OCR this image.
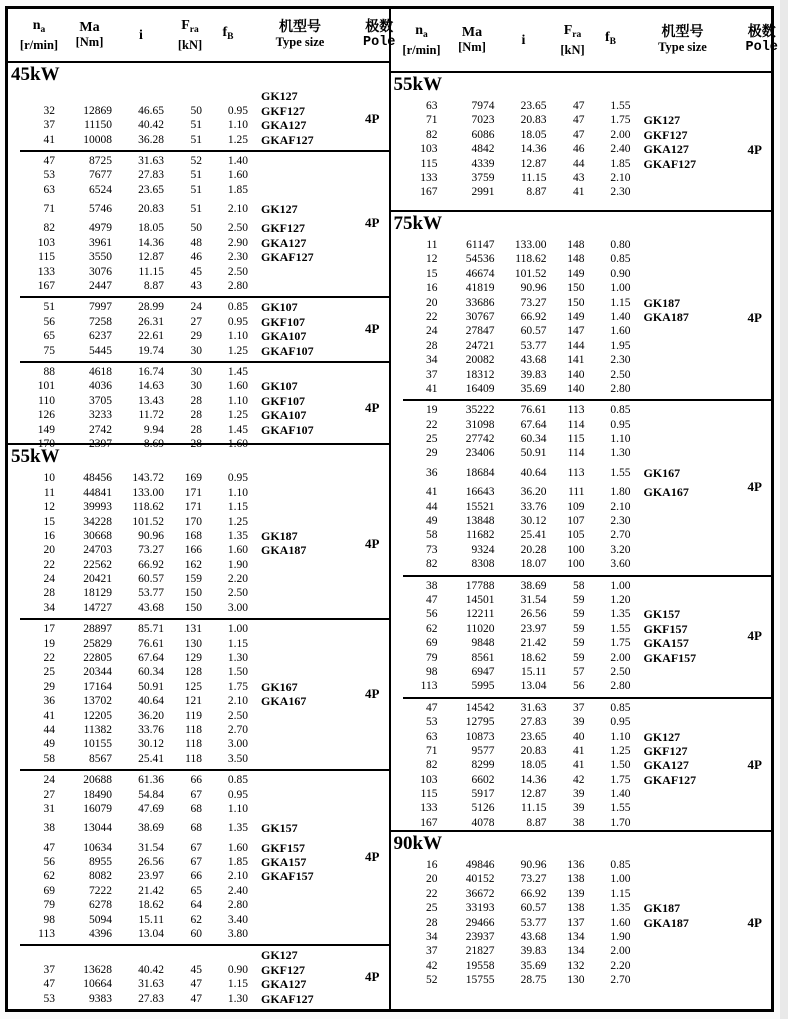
$n_a$
[r/min]
Ma
[Nm]	i
$F_{ra}$
[kN]
$f_B$
机型号
Type size
极数
Pole
45kW
GK127
32	12869	46.65	50	0.95	GKF127
37	11150	40.42	51	1.10	GKA127
41	10008	36.28	51	1.25	GKAF127
4P
47	8725	31.63	52	1.40
53	7677	27.83	51	1.60
63	6524	23.65	51	1.85
71	5746	20.83	51	2.10	GK127
82	4979	18.05	50	2.50	GKF127
103	3961	14.36	48	2.90	GKA127
115	3550	12.87	46	2.30	GKAF127
133	3076	11.15	45	2.50
167	2447	8.87	43	2.80
4P
51	7997	28.99	24	0.85	GK107
56	7258	26.31	27	0.95	GKF107
65	6237	22.61	29	1.10	GKA107
75	5445	19.74	30	1.25	GKAF107
4P
88	4618	16.74	30	1.45
101	4036	14.63	30	1.60	GK107
110	3705	13.43	28	1.10	GKF107
126	3233	11.72	28	1.25	GKA107
149	2742	9.94	28	1.45	GKAF107
170	2397	8.69	28	1.60
4P
55kW
10	48456	143.72	169	0.95
11	44841	133.00	171	1.10
12	39993	118.62	171	1.15
15	34228	101.52	170	1.25
16	30668	90.96	168	1.35	GK187
20	24703	73.27	166	1.60	GKA187
22	22562	66.92	162	1.90
24	20421	60.57	159	2.20
28	18129	53.77	150	2.50
34	14727	43.68	150	3.00
4P
17	28897	85.71	131	1.00
19	25829	76.61	130	1.15
22	22805	67.64	129	1.30
25	20344	60.34	128	1.50
29	17164	50.91	125	1.75	GK167
36	13702	40.64	121	2.10	GKA167
41	12205	36.20	119	2.50
44	11382	33.76	118	2.70
49	10155	30.12	118	3.00
58	8567	25.41	118	3.50
4P
24	20688	61.36	66	0.85
27	18490	54.84	67	0.95
31	16079	47.69	68	1.10
38	13044	38.69	68	1.35	GK157
47	10634	31.54	67	1.60	GKF157
56	8955	26.56	67	1.85	GKA157
62	8082	23.97	66	2.10	GKAF157
69	7222	21.42	65	2.40
79	6278	18.62	64	2.80
98	5094	15.11	62	3.40
113	4396	13.04	60	3.80
4P
GK127
37	13628	40.42	45	0.90	GKF127
47	10664	31.63	47	1.15	GKA127
53	9383	27.83	47	1.30	GKAF127
4P
$n_a$
[r/min]
Ma
[Nm]	i
$F_{ra}$
[kN]
$f_B$
机型号
Type size
极数
Pole
55kW
63	7974	23.65	47	1.55
71	7023	20.83	47	1.75	GK127
82	6086	18.05	47	2.00	GKF127
103	4842	14.36	46	2.40	GKA127
115	4339	12.87	44	1.85	GKAF127
133	3759	11.15	43	2.10
167	2991	8.87	41	2.30
4P
75kW
11	61147	133.00	148	0.80
12	54536	118.62	148	0.85
15	46674	101.52	149	0.90
16	41819	90.96	150	1.00
20	33686	73.27	150	1.15	GK187
22	30767	66.92	149	1.40	GKA187
24	27847	60.57	147	1.60
28	24721	53.77	144	1.95
34	20082	43.68	141	2.30
37	18312	39.83	140	2.50
41	16409	35.69	140	2.80
4P
19	35222	76.61	113	0.85
22	31098	67.64	114	0.95
25	27742	60.34	115	1.10
29	23406	50.91	114	1.30
36	18684	40.64	113	1.55	GK167
41	16643	36.20	111	1.80	GKA167
44	15521	33.76	109	2.10
49	13848	30.12	107	2.30
58	11682	25.41	105	2.70
73	9324	20.28	100	3.20
82	8308	18.07	100	3.60
4P
38	17788	38.69	58	1.00
47	14501	31.54	59	1.20
56	12211	26.56	59	1.35	GK157
62	11020	23.97	59	1.55	GKF157
69	9848	21.42	59	1.75	GKA157
79	8561	18.62	59	2.00	GKAF157
98	6947	15.11	57	2.50
113	5995	13.04	56	2.80
4P
47	14542	31.63	37	0.85
53	12795	27.83	39	0.95
63	10873	23.65	40	1.10	GK127
71	9577	20.83	41	1.25	GKF127
82	8299	18.05	41	1.50	GKA127
103	6602	14.36	42	1.75	GKAF127
115	5917	12.87	39	1.40
133	5126	11.15	39	1.55
167	4078	8.87	38	1.70
4P
90kW
16	49846	90.96	136	0.85
20	40152	73.27	138	1.00
22	36672	66.92	139	1.15
25	33193	60.57	138	1.35	GK187
28	29466	53.77	137	1.60	GKA187
34	23937	43.68	134	1.90
37	21827	39.83	134	2.00
42	19558	35.69	132	2.20
52	15755	28.75	130	2.70
4P
